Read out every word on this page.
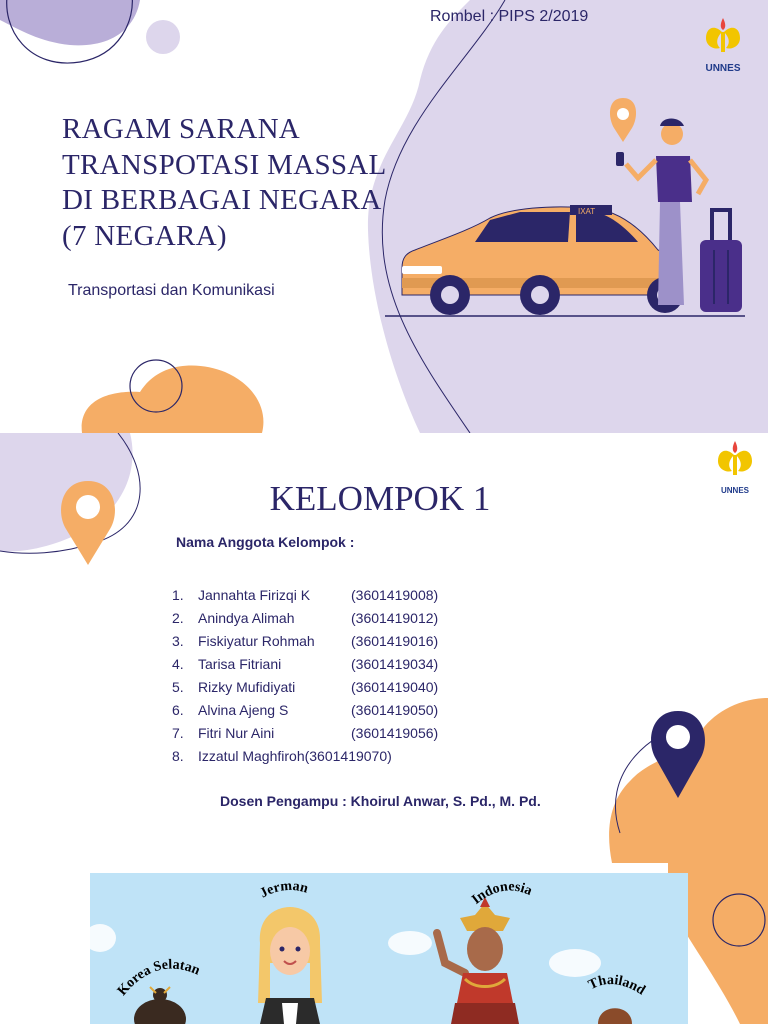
Rombel : PIPS 2/2019
UNNES
RAGAM SARANA
TRANSPOTASI MASSAL
DI BERBAGAI NEGARA
(7 NEGARA)
Transportasi dan Komunikasi
IXAT
UNNES
KELOMPOK 1
Nama Anggota Kelompok :
1. Jannahta Firizqi K	(3601419008)
2. Anindya Alimah	(3601419012)
3. Fiskiyatur Rohmah	(3601419016)
4. Tarisa Fitriani	(3601419034)
5. Rizky Mufidiyati	(3601419040)
6. Alvina Ajeng S	(3601419050)
7. Fitri Nur Aini	(3601419056)
8. Izzatul Maghfiroh(3601419070)
Dosen Pengampu : Khoirul Anwar, S. Pd., M. Pd.
Jerman
Indonesia
Korea Selatan
Thailand
